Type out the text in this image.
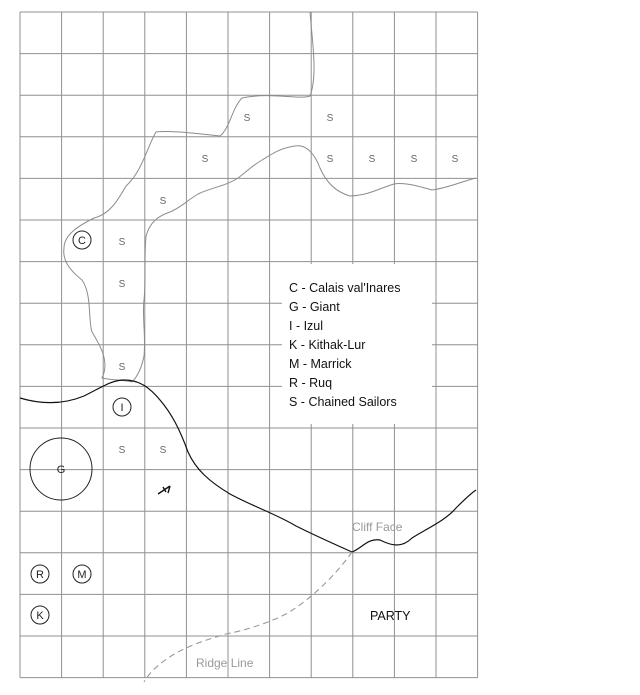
S	S
S	S	S	S	S
S
S
S
S
S	S
C
I
G
R	M
K
C - Calais val'Inares
G - Giant
I - Izul
K - Kithak-Lur
M - Marrick
R - Ruq
S - Chained Sailors
Cliff Face
Ridge Line
PARTY
